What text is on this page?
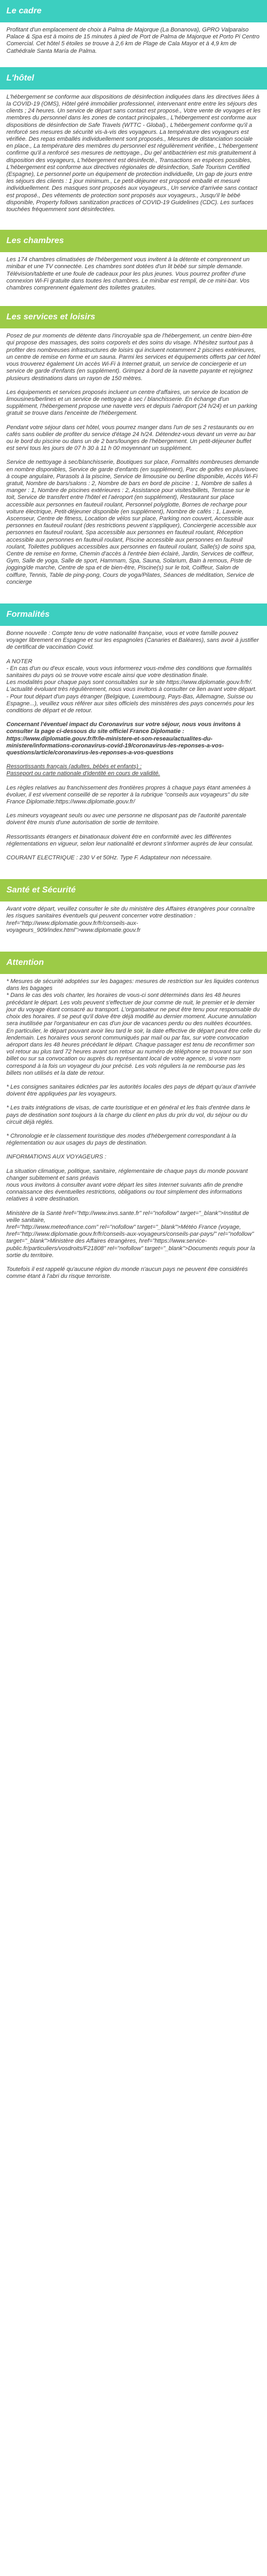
Le cadre

Profitant d'un emplacement de choix à Palma de Majorque (La Bonanova), GPRO Valparaiso Palace & Spa est à moins de 15 minutes à pied de Port de Palma de Majorque et Porto Pi Centro Comercial. Cet hôtel 5 étoiles se trouve à 2,6 km de Plage de Cala Mayor et à 4,9 km de Cathédrale Santa María de Palma.

L'hôtel

L'hébergement se conforme aux dispositions de désinfection indiquées dans les directives liées à la COVID-19 (OMS), Hôtel géré immobilier professionnel, intervenant entre entre les séjours des clients ; 24 heures. Un service de départ sans contact est proposé., Votre vente de voyages et les membres du personnel dans les zones de contact principales., L'hébergement est conforme aux dispositions de désinfection de Safe Travels (WTTC - Global)., L'hébergement conforme qu'il a renforcé ses mesures de sécurité vis-à-vis des voyageurs. La température des voyageurs est vérifiée. Des repas emballés individuellement sont proposés., Mesures de distanciation sociale en place., La température des membres du personnel est régulièrement vérifiée., L'hébergement confirme qu'il a renforcé ses mesures de nettoyage., Du gel antibactérien est mis gratuitement à disposition des voyageurs, L'hébergement est désinfecté., Transactions en espèces possibles, L'hébergement est conforme aux directives régionales de désinfection, Safe Tourism Certified (Espagne), Le personnel porte un équipement de protection individuelle, Un gap de jours entre les séjours des clients : 1 jour minimum., Le petit-déjeuner est proposé emballé et mesuré individuellement. Des masques sont proposés aux voyageurs., Un service d'arrivée sans contact est proposé., Des vêtements de protection sont proposés aux voyageurs., Jusqu'il le bébé disponible, Property follows sanitization practices of COVID-19 Guidelines (CDC). Les surfaces touchées fréquemment sont désinfectées.

Les chambres

Les 174 chambres climatisées de l'hébergement vous invitent à la détente et comprennent un minibar et une TV connectée. Les chambres sont dotées d'un lit bébé sur simple demande. Télévision/tablette et une foule de cadeaux pour les plus jeunes. Vous pourrez profiter d'une connexion Wi-Fi gratuite dans toutes les chambres. Le minibar est rempli, de ce mini-bar. Vos chambres comprennent également des toilettes gratuites.

Les services et loisirs

Posez de pur moments de détente dans l'incroyable spa de l'hébergement, un centre bien-être qui propose des massages, des soins corporels et des soins du visage. N'hésitez surtout pas à profiter des nombreuses infrastructures de loisirs qui incluent notamment 2 piscines extérieures, un centre de remise en forme et un sauna. Parmi les services et équipements offerts par cet hôtel vous trouverez également Un accès Wi-Fi à Internet gratuit, un service de conciergerie et un service de garde d'enfants (en supplément). Grimpez à bord de la navette payante et rejoignez plusieurs destinations dans un rayon de 150 mètres.

Les équipements et services proposés incluent un centre d'affaires, un service de location de limousines/berlines et un service de nettoyage à sec / blanchisserie. En échange d'un supplément, l'hébergement propose une navette vers et depuis l'aéroport (24 h/24) et un parking gratuit se trouve dans l'enceinte de l'hébergement.

Pendant votre séjour dans cet hôtel, vous pourrez manger dans l'un de ses 2 restaurants ou en cafés sans oublier de profiter du service d'étage 24 h/24. Détendez-vous devant un verre au bar ou le bord du piscine ou dans un de 2 bars/lounges de l'hébergement. Un petit-déjeuner buffet est servi tous les jours de 07 h 30 à 11 h 00 moyennant un supplément.

Service de nettoyage à sec/blanchisserie, Boutiques sur place, Formalités nombreuses demande en nombre disponibles, Service de garde d'enfants (en supplément), Parc de golfes en plus/avec à coupe angulaire, Parasols à la piscine, Service de limousine ou berline disponible, Accès Wi-Fi gratuit, Nombre de bars/salons : 2, Nombre de bars en bord de piscine : 1, Nombre de salles à manger : 1, Nombre de piscines extérieures : 2, Assistance pour visites/billets, Terrasse sur le toit, Service de transfert entre l'hôtel et l'aéroport (en supplément), Restaurant sur place accessible aux personnes en fauteuil roulant, Personnel polyglotte, Bornes de recharge pour voiture électrique, Petit-déjeuner disponible (en supplément), Nombre de cafés : 1, Laverie, Ascenseur, Centre de fitness, Location de vélos sur place, Parking non couvert, Accessible aux personnes en fauteuil roulant (des restrictions peuvent s'appliquer), Conciergerie accessible aux personnes en fauteuil roulant, Spa accessible aux personnes en fauteuil roulant, Réception accessible aux personnes en fauteuil roulant, Piscine accessible aux personnes en fauteuil roulant, Toilettes publiques accessibles aux personnes en fauteuil roulant, Salle(s) de soins spa, Centre de remise en forme, Chemin d'accès à l'entrée bien éclairé, Jardin, Services de coiffeur, Gym, Salle de yoga, Salle de sport, Hammam, Spa, Sauna, Solarium, Bain à remous, Piste de jogging/de marche, Centre de spa et de bien-être, Piscine(s) sur le toit, Coiffeur, Salon de coiffure, Tennis, Table de ping-pong, Cours de yoga/Pilates, Séances de méditation, Service de concierge

Formalités

Bonne nouvelle : Compte tenu de votre nationalité française, vous et votre famille pouvez voyager librement en Espagne et sur les espagnoles (Canaries et Baléares), sans avoir à justifier de certificat de vaccination Covid.

A NOTER
- En cas d'un ou d'eux escale, vous vous informerez vous-même des conditions que formalités sanitaires du pays où se trouve votre escale ainsi que votre destination finale.
Les modalités pour chaque pays sont consultables sur le site https://www.diplomatie.gouv.fr/fr/. L'actualité évoluant très régulièrement, nous vous invitons à consulter ce lien avant votre départ.
- Pour tout départ d'un pays étranger (Belgique, Luxembourg, Pays-Bas, Allemagne, Suisse ou Espagne...), veuillez vous référer aux sites officiels des ministères des pays concernés pour les conditions de départ et de retour.

Concernant l'éventuel impact du Coronavirus sur votre séjour, nous vous invitons à consulter la page ci-dessous du site officiel France Diplomatie : https://www.diplomatie.gouv.fr/fr/le-ministere-et-son-reseau/actualites-du-ministere/informations-coronavirus-covid-19/coronavirus-les-reponses-a-vos-questions/article/coronavirus-les-reponses-a-vos-questions

Ressortissants français (adultes, bébés et enfants) :
Passeport ou carte nationale d'identité en cours de validité.

Les règles relatives au franchissement des frontières propres à chaque pays étant amenées à évoluer, il est vivement conseillé de se reporter à la rubrique "conseils aux voyageurs" du site France Diplomatie:https://www.diplomatie.gouv.fr/

Les mineurs voyageant seuls ou avec une personne ne disposant pas de l'autorité parentale doivent être munis d'une autorisation de sortie de territoire.

Ressortissants étrangers et binationaux doivent être en conformité avec les différentes réglementations en vigueur, selon leur nationalité et devront s'informer auprès de leur consulat.

COURANT ELECTRIQUE : 230 V et 50Hz. Type F. Adaptateur non nécessaire.

Santé et Sécurité

Avant votre départ, veuillez consulter le site du ministère des Affaires étrangères pour connaître les risques sanitaires éventuels qui peuvent concerner votre destination : href="http://www.diplomatie.gouv.fr/fr/conseils-aux-voyageurs_909/index.html">www.diplomatie.gouv.fr

Attention

* Mesures de sécurité adoptées sur les bagages: mesures de restriction sur les liquides contenus dans les bagages
* Dans le cas des vols charter, les horaires de vous-ci sont déterminés dans les 48 heures précédant le départ. Les vols peuvent s'effectuer de jour comme de nuit, le premier et le dernier jour du voyage étant consacré au transport. L'organisateur ne peut être tenu pour responsable du choix des horaires. Il se peut qu'il doive être déjà modifié au dernier moment. Aucune annulation sera inutilisée par l'organisateur en cas d'un jour de vacances perdu ou des nuitées écourtées. En particulier, le départ pouvant avoir lieu tard le soir, la date effective de départ peut être celle du lendemain. Les horaires vous seront communiqués par mail ou par fax, sur votre convocation aéroport dans les 48 heures précédant le départ. Chaque passager est tenu de reconfirmer son vol retour au plus tard 72 heures avant son retour au numéro de téléphone se trouvant sur son billet ou sur sa convocation ou auprès du représentant local de votre agence, si votre nom correspond à la fois un voyageur du jour précisé. Les vols réguliers la ne rembourse pas les billets non utilisés et la date de retour.

* Les consignes sanitaires édictées par les autorités locales des pays de départ qu'aux d'arrivée doivent être appliquées par les voyageurs.

* Les traits intégrations de visas, de carte touristique et en général et les frais d'entrée dans le pays de destination sont toujours à la charge du client en plus du prix du vol, du séjour ou du circuit déjà réglés.

* Chronologie et le classement touristique des modes d'hébergement correspondant à la réglementation ou aux usages du pays de destination.

INFORMATIONS AUX VOYAGEURS :

La situation climatique, politique, sanitaire, réglementaire de chaque pays du monde pouvant changer subitement et sans préavis
nous vous invitons à consulter avant votre départ les sites Internet suivants afin de prendre connaissance des éventuelles restrictions, obligations ou tout simplement des informations relatives à votre destination.

Ministère de la Santé href="http://www.invs.sante.fr" rel="nofollow" target="_blank">Institut de veille sanitaire,
href="http://www.meteofrance.com" rel="nofollow" target="_blank">Météo France (voyage, href="http://www.diplomatie.gouv.fr/fr/conseils-aux-voyageurs/conseils-par-pays/" rel="nofollow" target="_blank">Ministère des Affaires étrangères, href="https://www.service-public.fr/particuliers/vosdroits/F21808" rel="nofollow" target="_blank">Documents requis pour la sortie du territoire.

Toutefois il est rappelé qu'aucune région du monde n'aucun pays ne peuvent être considérés comme étant à l'abri du risque terroriste.
